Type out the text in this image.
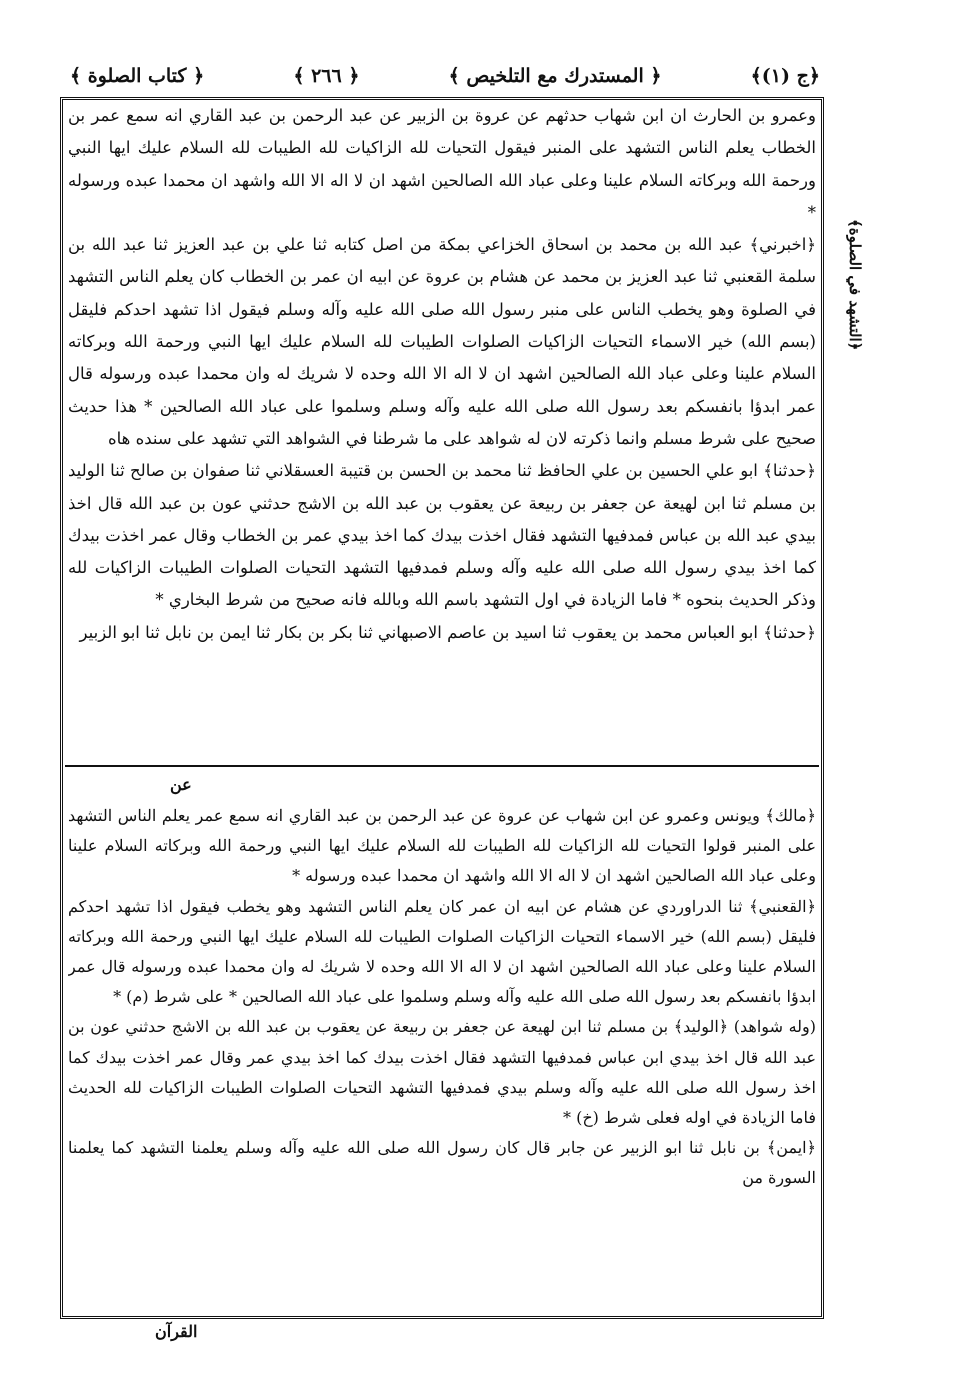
﴿ج (١)﴾
﴿ المستدرك مع التلخيص ﴾
﴿ ٢٦٦ ﴾
﴿ كتاب الصلوة ﴾
﴿التشهد في الصلوة﴾

وعمرو بن الحارث ان ابن شهاب حدثهم عن عروة بن الزبير عن عبد الرحمن بن عبد القاري انه سمع عمر بن الخطاب يعلم الناس التشهد على المنبر فيقول التحيات لله الزاكيات لله الطيبات لله السلام عليك ايها النبي ورحمة الله وبركاته السلام علينا وعلى عباد الله الصالحين اشهد ان لا اله الا الله واشهد ان محمدا عبده ورسوله *

﴿اخبرني﴾ عبد الله بن محمد بن اسحاق الخزاعي بمكة من اصل كتابه ثنا علي بن عبد العزيز ثنا عبد الله بن سلمة القعنبي ثنا عبد العزيز بن محمد عن هشام بن عروة عن ابيه ان عمر بن الخطاب كان يعلم الناس التشهد في الصلوة وهو يخطب الناس على منبر رسول الله صلى الله عليه وآله وسلم فيقول اذا تشهد احدكم فليقل (بسم الله) خير الاسماء التحيات الزاكيات الصلوات الطيبات لله السلام عليك ايها النبي ورحمة الله وبركاته السلام علينا وعلى عباد الله الصالحين اشهد ان لا اله الا الله وحده لا شريك له وان محمدا عبده ورسوله قال عمر ابدؤا بانفسكم بعد رسول الله صلى الله عليه وآله وسلم وسلموا على عباد الله الصالحين * هذا حديث صحيح على شرط مسلم وانما ذكرته لان له شواهد على ما شرطنا في الشواهد التي تشهد على سنده هاه

﴿حدثنا﴾ ابو علي الحسين بن علي الحافظ ثنا محمد بن الحسن بن قتيبة العسقلاني ثنا صفوان بن صالح ثنا الوليد بن مسلم ثنا ابن لهيعة عن جعفر بن ربيعة عن يعقوب بن عبد الله بن الاشج حدثني عون بن عبد الله قال اخذ بيدي عبد الله بن عباس فمدفيها التشهد فقال اخذت بيدك كما اخذ بيدي عمر بن الخطاب وقال عمر اخذت بيدك كما اخذ بيدي رسول الله صلى الله عليه وآله وسلم فمدفيها التشهد التحيات الصلوات الطيبات الزاكيات لله وذكر الحديث بنحوه * فاما الزيادة في اول التشهد باسم الله وبالله فانه صحيح من شرط البخاري *

﴿حدثنا﴾ ابو العباس محمد بن يعقوب ثنا اسيد بن عاصم الاصبهاني ثنا بكر بن بكار ثنا ايمن بن نابل ثنا ابو الزبير

عن

﴿مالك﴾ ويونس وعمرو عن ابن شهاب عن عروة عن عبد الرحمن بن عبد القاري انه سمع عمر يعلم الناس التشهد على المنبر قولوا التحيات لله الزاكيات لله الطيبات لله السلام عليك ايها النبي ورحمة الله وبركاته السلام علينا وعلى عباد الله الصالحين اشهد ان لا اله الا الله واشهد ان محمدا عبده ورسوله *

﴿القعنبي﴾ ثنا الدراوردي عن هشام عن ابيه ان عمر كان يعلم الناس التشهد وهو يخطب فيقول اذا تشهد احدكم فليقل (بسم الله) خير الاسماء التحيات الزاكيات الصلوات الطيبات لله السلام عليك ايها النبي ورحمة الله وبركاته السلام علينا وعلى عباد الله الصالحين اشهد ان لا اله الا الله وحده لا شريك له وان محمدا عبده ورسوله قال عمر ابدؤا بانفسكم بعد رسول الله صلى الله عليه وآله وسلم وسلموا على عباد الله الصالحين * على شرط (م) *

(وله شواهد) ﴿الوليد﴾ بن مسلم ثنا ابن لهيعة عن جعفر بن ربيعة عن يعقوب بن عبد الله بن الاشج حدثني عون بن عبد الله قال اخذ بيدي ابن عباس فمدفيها التشهد فقال اخذت بيدك كما اخذ بيدي عمر وقال عمر اخذت بيدك كما اخذ رسول الله صلى الله عليه وآله وسلم بيدي فمدفيها التشهد التحيات الصلوات الطيبات الزاكيات لله الحديث فاما الزيادة في اوله فعلى شرط (خ) *

﴿ايمن﴾ بن نابل ثنا ابو الزبير عن جابر قال كان رسول الله صلى الله عليه وآله وسلم يعلمنا التشهد كما يعلمنا السورة من

القرآن
